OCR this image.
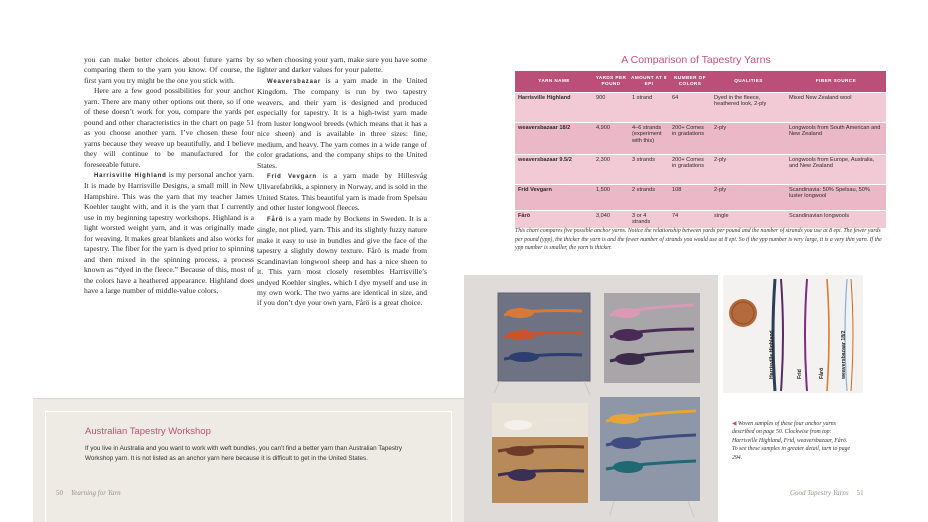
you can make better choices about future yarns by comparing them to the yarn you know. Of course, the first yarn you try might be the one you stick with.

Here are a few good possibilities for your anchor yarn. There are many other options out there, so if one of these doesn’t work for you, compare the yards per pound and other characteristics in the chart on page 51 as you choose another yarn. I’ve chosen these four yarns because they weave up beautifully, and I believe they will continue to be manufactured for the foreseeable future.

Harrisville Highland is my personal anchor yarn. It is made by Harrisville Designs, a small mill in New Hampshire. This was the yarn that my teacher James Koehler taught with, and it is the yarn that I currently use in my beginning tapestry workshops. Highland is a light worsted weight yarn, and it was originally made for weaving. It makes great blankets and also works for tapestry. The fiber for the yarn is dyed prior to spinning and then mixed in the spinning process, a process known as “dyed in the fleece.” Because of this, most of the colors have a heathered appearance. Highland does have a large number of middle-value colors,

so when choosing your yarn, make sure you have some lighter and darker values for your palette.

Weaversbazaar is a yarn made in the United Kingdom. The company is run by two tapestry weavers, and their yarn is designed and produced especially for tapestry. It is a high-twist yarn made from luster longwool breeds (which means that it has a nice sheen) and is available in three sizes: fine, medium, and heavy. The yarn comes in a wide range of color gradations, and the company ships to the United States.

Frid Vevgarn is a yarn made by Hillesvåg Ullvarefabrikk, a spinnery in Norway, and is sold in the United States. This beautiful yarn is made from Spelsau and other luster longwool fleeces.

Fårö is a yarn made by Bockens in Sweden. It is a single, not plied, yarn. This and its slightly fuzzy nature make it easy to use in bundles and give the face of the tapestry a slightly downy texture. Fårö is made from Scandinavian longwool sheep and has a nice sheen to it. This yarn most closely resembles Harrisville’s undyed Koehler singles, which I dye myself and use in my own work. The two yarns are identical in size, and if you don’t dye your own yarn, Fårö is a great choice.

Australian Tapestry Workshop
If you live in Australia and you want to work with weft bundles, you can’t find a better yarn than Australian Tapestry Workshop yarn. It is not listed as an anchor yarn here because it is difficult to get in the United States.
50 Yearning for Yarn
A Comparison of Tapestry Yarns
YARN NAME	YARDS PER POUND	AMOUNT AT 8 EPI	NUMBER OF COLORS	QUALITIES	FIBER SOURCE
Harrisville Highland	900	1 strand	64	Dyed in the fleece, heathered look, 2-ply	Mixed New Zealand wool
weaversbazaar 18/2	4,900	4–6 strands (experiment with this)	200+ Comes in gradations	2-ply	Longwools from South American and New Zealand
weaversbazaar 9.5/2	2,300	3 strands	200+ Comes in gradations	2-ply	Longwools from Europe, Australia, and New Zealand
Frid Vevgarn	1,500	2 strands	108	2-ply	Scandinavia: 50% Spelsau, 50% luster longwool
Fårö	3,040	3 or 4 strands	74	single	Scandinavian longwools
This chart compares five possible anchor yarns. Notice the relationship between yards per pound and the number of strands you use at 8 epi. The fewer yards per pound (ypp), the thicker the yarn is and the fewer number of strands you would use at 8 epi. So if the ypp number is very large, it is a very thin yarn. If the ypp number is smaller, the yarn is thicker.
Harrisville Highland	Frid	Fårö	weaversbazaar 18/2
◀ Woven samples of these four anchor yarns described on page 50. Clockwise from top: Harrisville Highland, Frid, weaversbazaar, Fårö. To see these samples in greater detail, turn to page 294.
Good Tapestry Yarns 51
